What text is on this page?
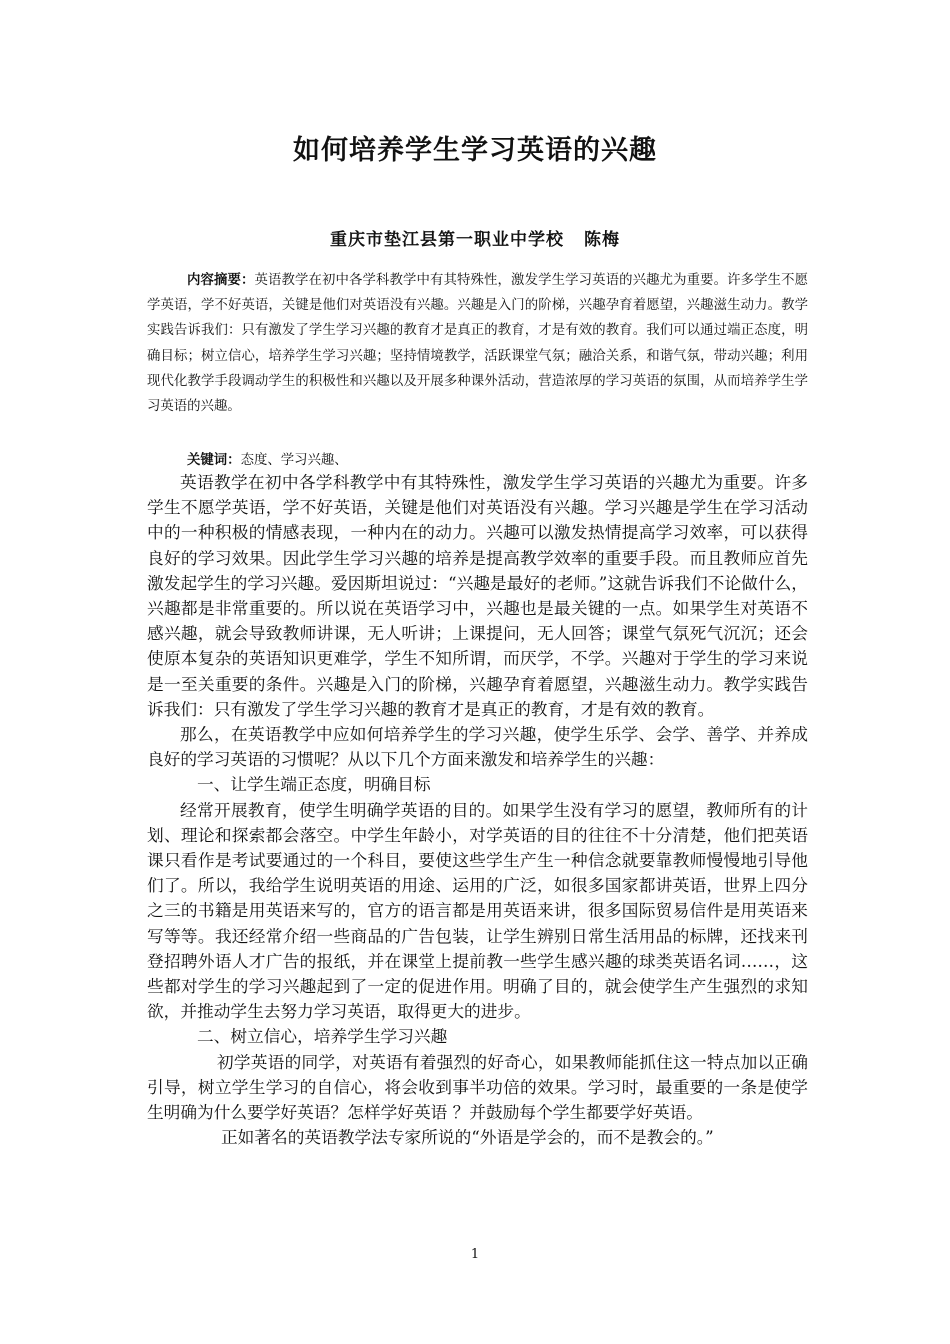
如何培养学生学习英语的兴趣
重庆市垫江县第一职业中学校 陈梅

内容摘要：英语教学在初中各学科教学中有其特殊性，激发学生学习英语的兴趣尤为重要。许多学生不愿学英语，学不好英语，关键是他们对英语没有兴趣。兴趣是入门的阶梯，兴趣孕育着愿望，兴趣滋生动力。教学实践告诉我们：只有激发了学生学习兴趣的教育才是真正的教育，才是有效的教育。我们可以通过端正态度，明确目标；树立信心，培养学生学习兴趣；坚持情境教学，活跃课堂气氛；融洽关系，和谐气氛，带动兴趣；利用现代化教学手段调动学生的积极性和兴趣以及开展多种课外活动，营造浓厚的学习英语的氛围，从而培养学生学习英语的兴趣。

关键词：态度、学习兴趣、

英语教学在初中各学科教学中有其特殊性，激发学生学习英语的兴趣尤为重要。许多学生不愿学英语，学不好英语，关键是他们对英语没有兴趣。学习兴趣是学生在学习活动中的一种积极的情感表现，一种内在的动力。兴趣可以激发热情提高学习效率，可以获得良好的学习效果。因此学生学习兴趣的培养是提高教学效率的重要手段。而且教师应首先激发起学生的学习兴趣。爱因斯坦说过：“兴趣是最好的老师。”这就告诉我们不论做什么，兴趣都是非常重要的。所以说在英语学习中，兴趣也是最关键的一点。如果学生对英语不感兴趣，就会导致教师讲课，无人听讲；上课提问，无人回答；课堂气氛死气沉沉；还会使原本复杂的英语知识更难学，学生不知所谓，而厌学，不学。兴趣对于学生的学习来说是一至关重要的条件。兴趣是入门的阶梯，兴趣孕育着愿望，兴趣滋生动力。教学实践告诉我们：只有激发了学生学习兴趣的教育才是真正的教育，才是有效的教育。

那么，在英语教学中应如何培养学生的学习兴趣，使学生乐学、会学、善学、并养成良好的学习英语的习惯呢？从以下几个方面来激发和培养学生的兴趣：

一、让学生端正态度，明确目标

经常开展教育，使学生明确学英语的目的。如果学生没有学习的愿望，教师所有的计划、理论和探索都会落空。中学生年龄小，对学英语的目的往往不十分清楚，他们把英语课只看作是考试要通过的一个科目，要使这些学生产生一种信念就要靠教师慢慢地引导他们了。所以，我给学生说明英语的用途、运用的广泛，如很多国家都讲英语，世界上四分之三的书籍是用英语来写的，官方的语言都是用英语来讲，很多国际贸易信件是用英语来写等等。我还经常介绍一些商品的广告包装，让学生辨别日常生活用品的标牌，还找来刊登招聘外语人才广告的报纸，并在课堂上提前教一些学生感兴趣的球类英语名词……，这些都对学生的学习兴趣起到了一定的促进作用。明确了目的，就会使学生产生强烈的求知欲，并推动学生去努力学习英语，取得更大的进步。

二、树立信心，培养学生学习兴趣

初学英语的同学，对英语有着强烈的好奇心，如果教师能抓住这一特点加以正确引导，树立学生学习的自信心，将会收到事半功倍的效果。学习时，最重要的一条是使学生明确为什么要学好英语？怎样学好英语 ？并鼓励每个学生都要学好英语。

正如著名的英语教学法专家所说的“外语是学会的，而不是教会的。”

1
